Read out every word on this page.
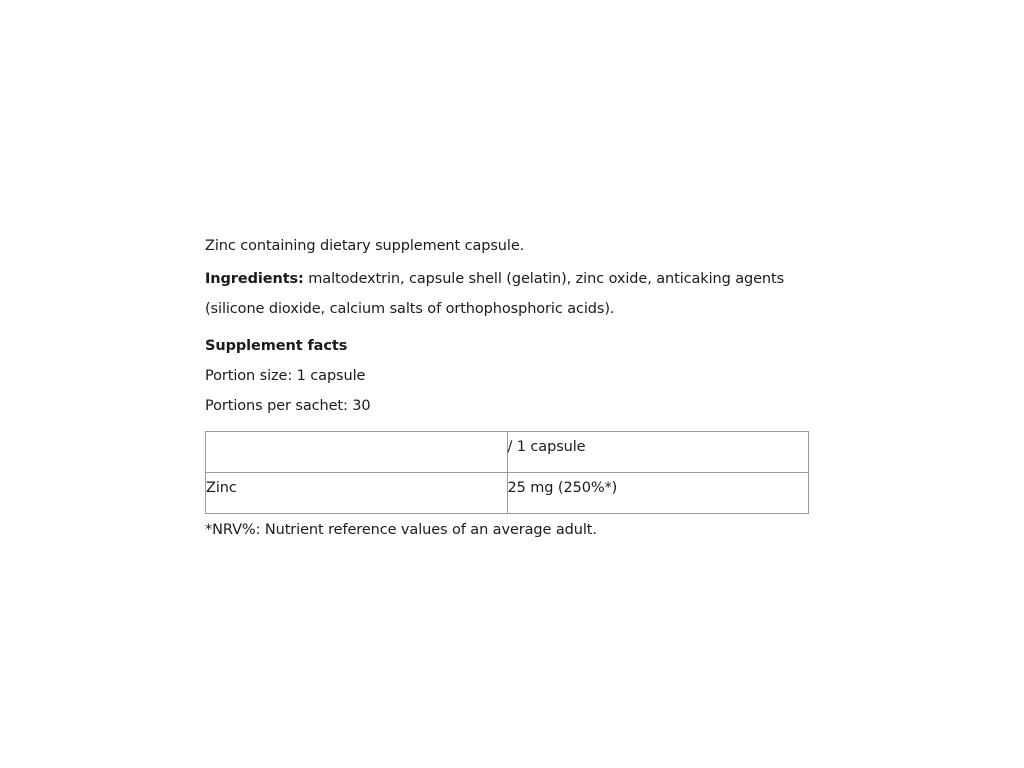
Zinc containing dietary supplement capsule.

Ingredients: maltodextrin, capsule shell (gelatin), zinc oxide, anticaking agents (silicone dioxide, calcium salts of orthophosphoric acids).

Supplement facts

Portion size: 1 capsule

Portions per sachet: 30

	/ 1 capsule

Zinc	25 mg (250%*)

*NRV%: Nutrient reference values of an average adult.
